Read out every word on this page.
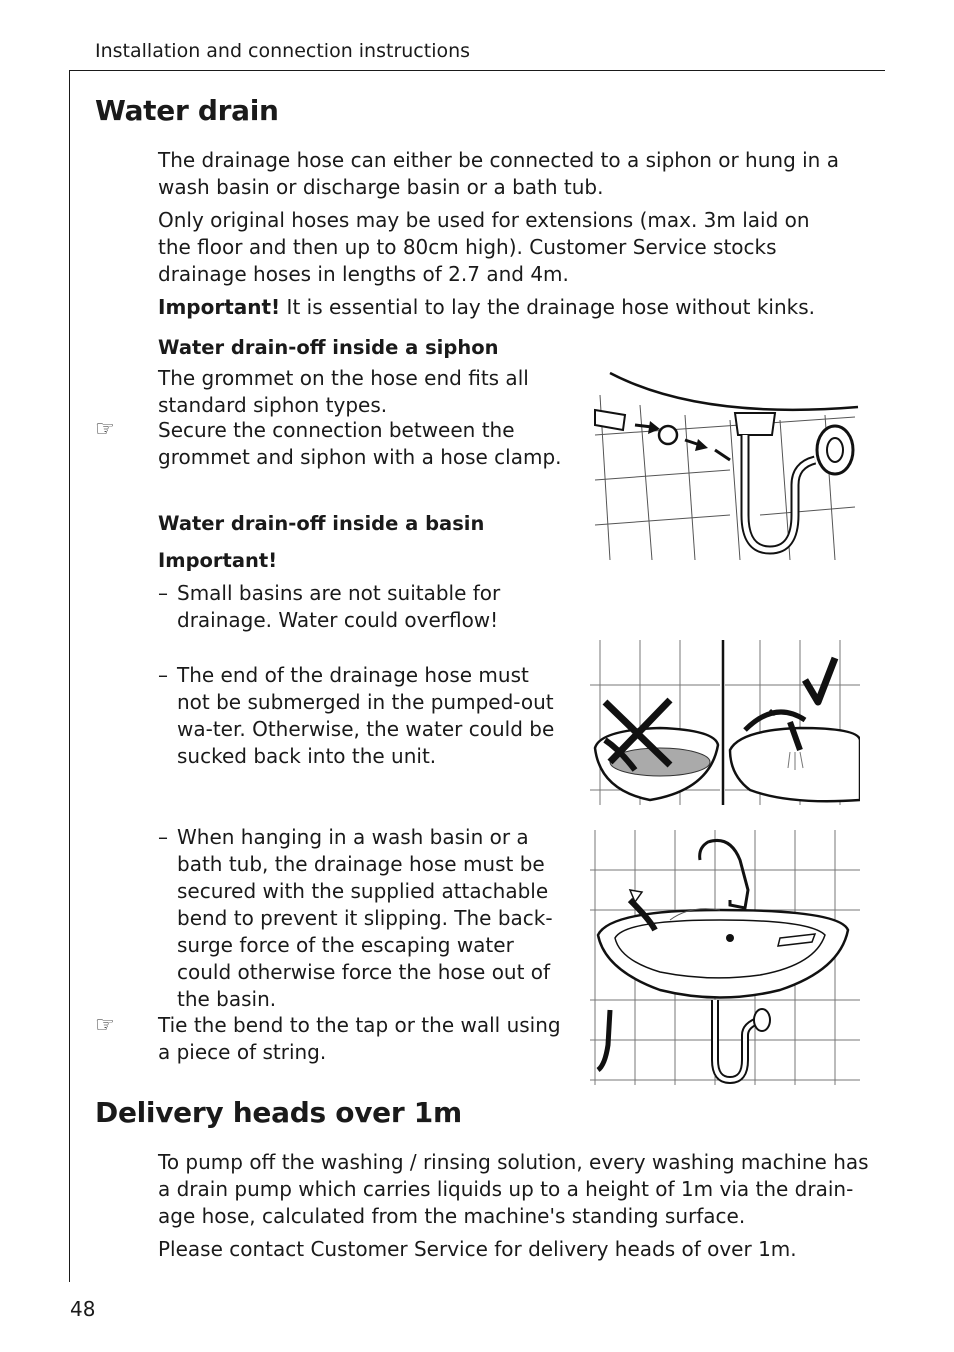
Installation and connection instructions
Water drain

The drainage hose can either be connected to a siphon or hung in a wash basin or discharge basin or a bath tub.

Only original hoses may be used for extensions (max. 3m laid on the floor and then up to 80cm high). Customer Service stocks drainage hoses in lengths of 2.7 and 4m.

Important! It is essential to lay the drainage hose without kinks.

Water drain-off inside a siphon

The grommet on the hose end fits all standard siphon types.

☞ Secure the connection between the grommet and siphon with a hose clamp.

Water drain-off inside a basin
Important!
– Small basins are not suitable for drainage. Water could overflow!
– The end of the drainage hose must not be submerged in the pumped-out wa-ter. Otherwise, the water could be sucked back into the unit.
– When hanging in a wash basin or a bath tub, the drainage hose must be secured with the supplied attachable bend to prevent it slipping. The back-surge force of the escaping water could otherwise force the hose out of the basin.
☞ Tie the bend to the tap or the wall using a piece of string.

Delivery heads over 1m

To pump off the washing / rinsing solution, every washing machine has a drain pump which carries liquids up to a height of 1m via the drain-age hose, calculated from the machine's standing surface.

Please contact Customer Service for delivery heads of over 1m.

48
